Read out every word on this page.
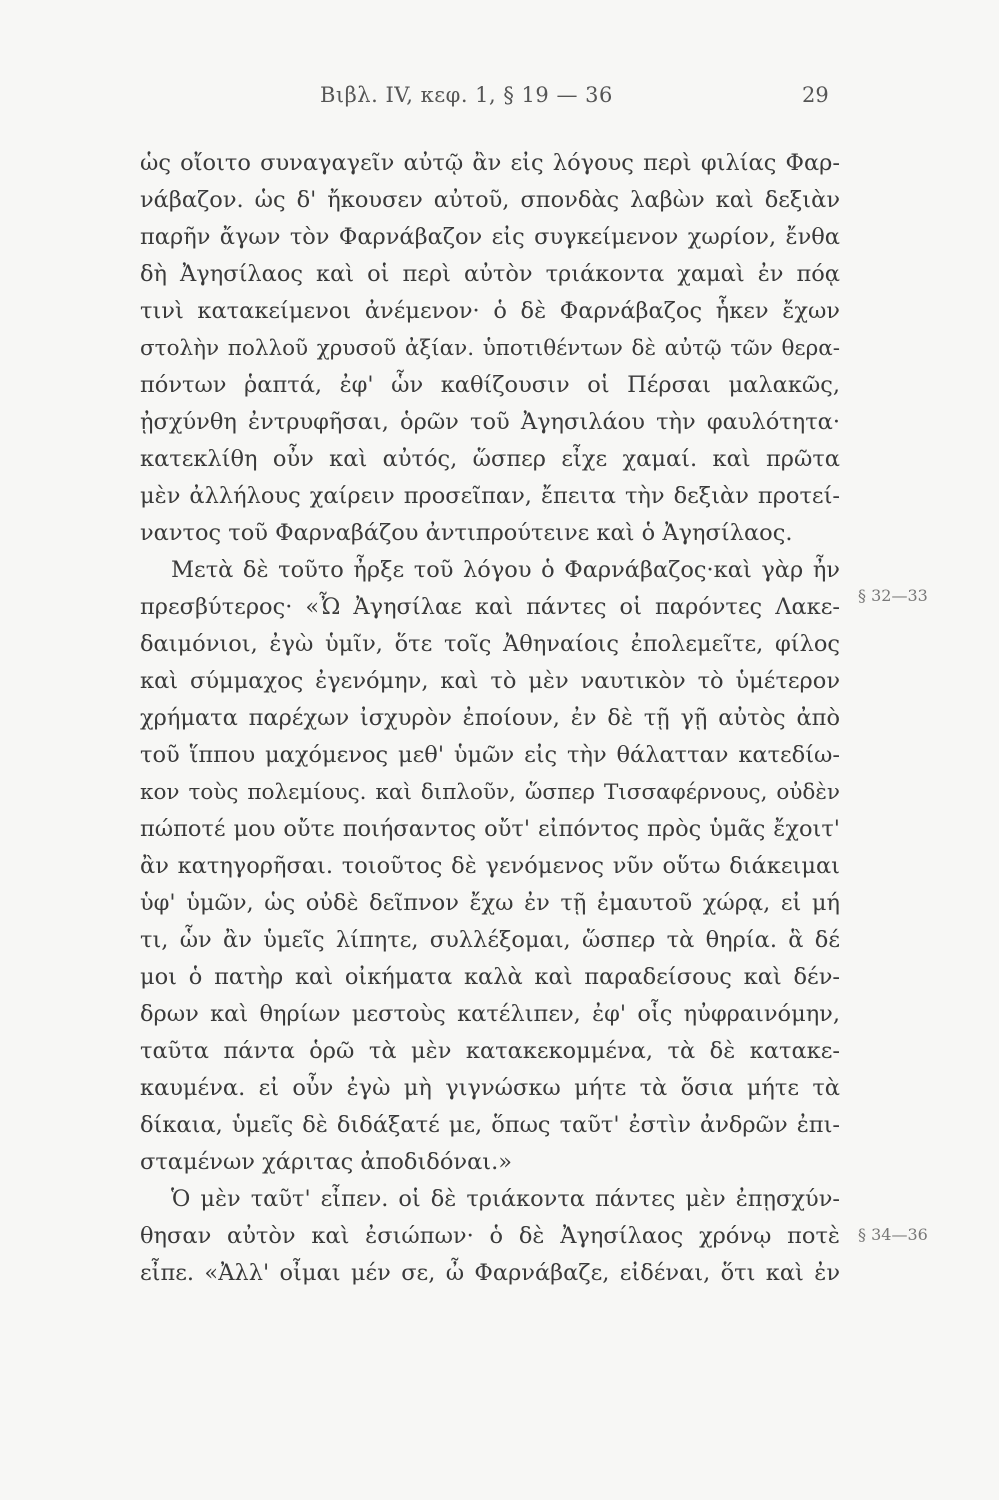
Βιβλ. IV, κεφ. 1, § 19 — 36	29
ὡς οἴοιτο συναγαγεῖν αὐτῷ ἂν εἰς λόγους περὶ φιλίας Φαρ-
νάβαζον. ὡς δ' ἤκουσεν αὐτοῦ, σπονδὰς λαβὼν καὶ δεξιὰν
παρῆν ἄγων τὸν Φαρνάβαζον εἰς συγκείμενον χωρίον, ἔνθα
δὴ Ἀγησίλαος καὶ οἱ περὶ αὐτὸν τριάκοντα χαμαὶ ἐν πόᾳ
τινὶ κατακείμενοι ἀνέμενον· ὁ δὲ Φαρνάβαζος ἧκεν ἔχων
στολὴν πολλοῦ χρυσοῦ ἀξίαν. ὑποτιθέντων δὲ αὐτῷ τῶν θερα-
πόντων ῥαπτά, ἐφ' ὧν καθίζουσιν οἱ Πέρσαι μαλακῶς,
ᾐσχύνθη ἐντρυφῆσαι, ὁρῶν τοῦ Ἀγησιλάου τὴν φαυλότητα·
κατεκλίθη οὖν καὶ αὐτός, ὥσπερ εἶχε χαμαί. καὶ πρῶτα
μὲν ἀλλήλους χαίρειν προσεῖπαν, ἔπειτα τὴν δεξιὰν προτεί-
ναντος τοῦ Φαρναβάζου ἀντιπρούτεινε καὶ ὁ Ἀγησίλαος.
Μετὰ δὲ τοῦτο ἦρξε τοῦ λόγου ὁ Φαρνάβαζος·καὶ γὰρ ἦν
πρεσβύτερος· «Ὦ Ἀγησίλαε καὶ πάντες οἱ παρόντες Λακε-
δαιμόνιοι, ἐγὼ ὑμῖν, ὅτε τοῖς Ἀθηναίοις ἐπολεμεῖτε, φίλος
καὶ σύμμαχος ἐγενόμην, καὶ τὸ μὲν ναυτικὸν τὸ ὑμέτερον
χρήματα παρέχων ἰσχυρὸν ἐποίουν, ἐν δὲ τῇ γῇ αὐτὸς ἀπὸ
τοῦ ἵππου μαχόμενος μεθ' ὑμῶν εἰς τὴν θάλατταν κατεδίω-
κον τοὺς πολεμίους. καὶ διπλοῦν, ὥσπερ Τισσαφέρνους, οὐδὲν
πώποτέ μου οὔτε ποιήσαντος οὔτ' εἰπόντος πρὸς ὑμᾶς ἔχοιτ'
ἂν κατηγορῆσαι. τοιοῦτος δὲ γενόμενος νῦν οὕτω διάκειμαι
ὑφ' ὑμῶν, ὡς οὐδὲ δεῖπνον ἔχω ἐν τῇ ἐμαυτοῦ χώρᾳ, εἰ μή
τι, ὧν ἂν ὑμεῖς λίπητε, συλλέξομαι, ὥσπερ τὰ θηρία. ἃ δέ
μοι ὁ πατὴρ καὶ οἰκήματα καλὰ καὶ παραδείσους καὶ δέν-
δρων καὶ θηρίων μεστοὺς κατέλιπεν, ἐφ' οἷς ηὐφραινόμην,
ταῦτα πάντα ὁρῶ τὰ μὲν κατακεκομμένα, τὰ δὲ κατακε-
καυμένα. εἰ οὖν ἐγὼ μὴ γιγνώσκω μήτε τὰ ὅσια μήτε τὰ
δίκαια, ὑμεῖς δὲ διδάξατέ με, ὅπως ταῦτ' ἐστὶν ἀνδρῶν ἐπι-
σταμένων χάριτας ἀποδιδόναι.»
Ὁ μὲν ταῦτ' εἶπεν. οἱ δὲ τριάκοντα πάντες μὲν ἐπῃσχύν-
θησαν αὐτὸν καὶ ἐσιώπων· ὁ δὲ Ἀγησίλαος χρόνῳ ποτὲ
εἶπε. «Ἀλλ' οἶμαι μέν σε, ὦ Φαρνάβαζε, εἰδέναι, ὅτι καὶ ἐν
§ 32—33
§ 34—36
